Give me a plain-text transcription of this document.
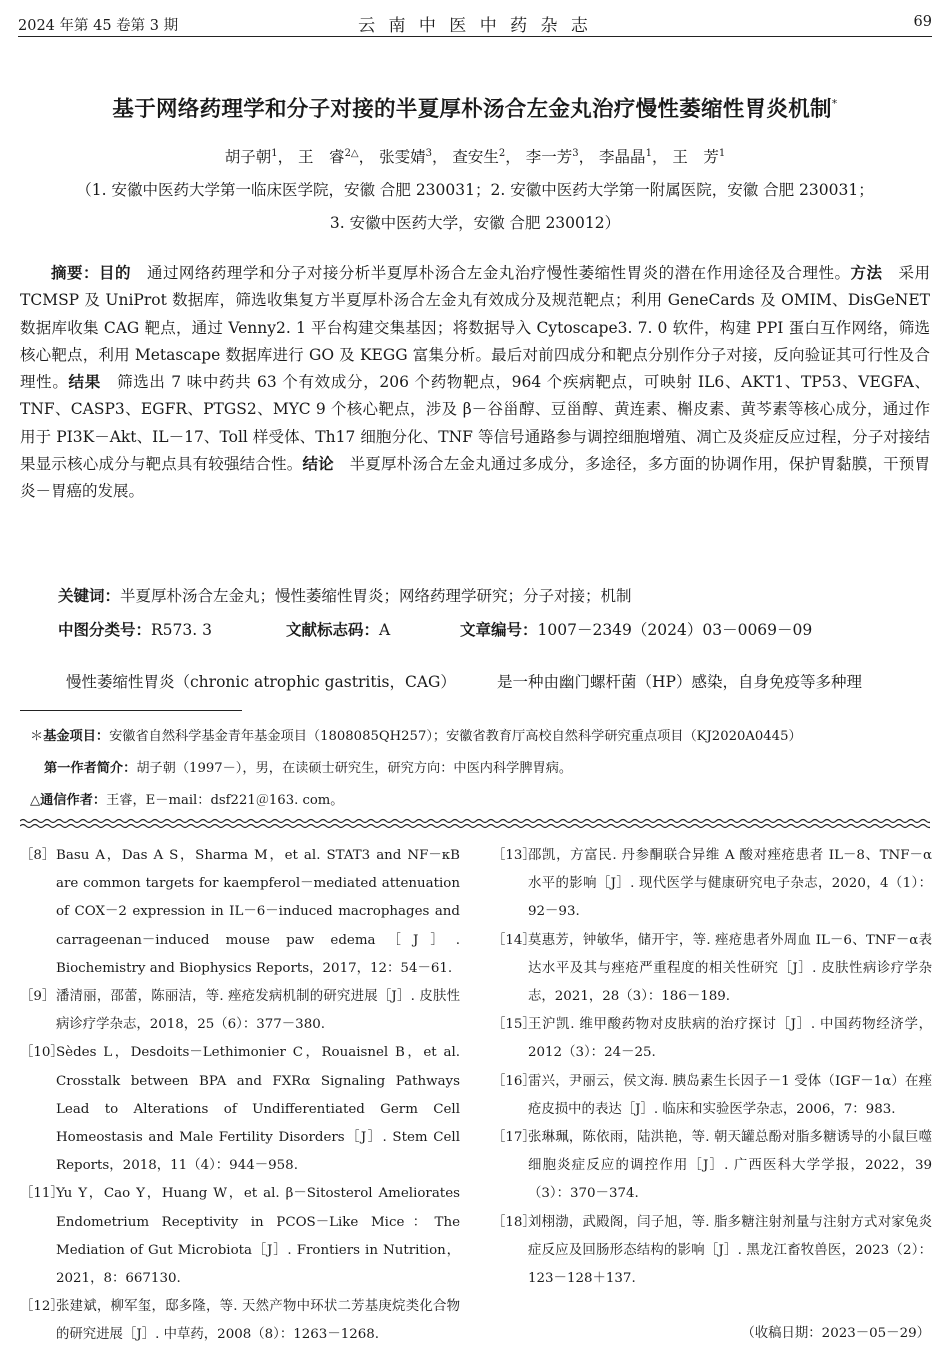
2024 年第 45 卷第 3 期	云 南 中 医 中 药 杂 志	69
基于网络药理学和分子对接的半夏厚朴汤合左金丸治疗慢性萎缩性胃炎机制*
胡子朝$^1$， 王　睿$^{2\triangle}$， 张雯婧$^3$， 查安生$^2$， 李一芳$^3$， 李晶晶$^1$， 王　芳$^1$
（1. 安徽中医药大学第一临床医学院，安徽 合肥 230031；2. 安徽中医药大学第一附属医院，安徽 合肥 230031；
3. 安徽中医药大学，安徽 合肥 230012）
摘要：目的　 通过网络药理学和分子对接分析半夏厚朴汤合左金丸治疗慢性萎缩性胃炎的潜在作用途径及合理性。方法　 采用 TCMSP 及 UniProt 数据库，筛选收集复方半夏厚朴汤合左金丸有效成分及规范靶点；利用 GeneCards 及 OMIM、DisGeNET 数据库收集 CAG 靶点，通过 Venny2. 1 平台构建交集基因；将数据导入 Cytoscape3. 7. 0 软件，构建 PPI 蛋白互作网络，筛选核心靶点，利用 Metascape 数据库进行 GO 及 KEGG 富集分析。最后对前四成分和靶点分别作分子对接，反向验证其可行性及合理性。结果　 筛选出 7 味中药共 63 个有效成分，206 个药物靶点，964 个疾病靶点，可映射 IL6、AKT1、TP53、VEGFA、TNF、CASP3、EGFR、PTGS2、MYC 9 个核心靶点，涉及 β－谷甾醇、豆甾醇、黄连素、槲皮素、黄芩素等核心成分，通过作用于 PI3K－Akt、IL－17、Toll 样受体、Th17 细胞分化、TNF 等信号通路参与调控细胞增殖、凋亡及炎症反应过程，分子对接结果显示核心成分与靶点具有较强结合性。结论　 半夏厚朴汤合左金丸通过多成分，多途径，多方面的协调作用，保护胃黏膜，干预胃炎－胃癌的发展。
关键词：半夏厚朴汤合左金丸；慢性萎缩性胃炎；网络药理学研究；分子对接；机制
中图分类号：R573. 3	文献标志码：A	文章编号：1007－2349（2024）03－0069－09
慢性萎缩性胃炎（chronic atrophic gastritis，CAG）	是一种由幽门螺杆菌（HP）感染，自身免疫等多种理
＊基金项目：安徽省自然科学基金青年基金项目（1808085QH257）；安徽省教育厅高校自然科学研究重点项目（KJ2020A0445）
第一作者简介：胡子朝（1997－），男，在读硕士研究生，研究方向：中医内科学脾胃病。
△通信作者：王睿，E－mail：dsf221＠163. com。
［8］ Basu A，Das A S，Sharma M，et al. STAT3 and NF－κB are common targets for kaempferol－mediated attenuation of COX－2 expression in IL－6－induced macrophages and carrageenan－induced mouse paw edema［J］. Biochemistry and Biophysics Reports，2017，12：54－61.
［9］ 潘清丽，邵蕾，陈丽洁，等. 痤疮发病机制的研究进展［J］. 皮肤性病诊疗学杂志，2018，25（6）：377－380.
［10］
Sèdes L，Desdoits－Lethimonier C，Rouaisnel B，et al. Crosstalk between BPA and FXRα Signaling Pathways Lead to Alterations of Undifferentiated Germ Cell Homeostasis and Male Fertility Disorders［J］. Stem Cell Reports，2018，11（4）：944－958.
［11］
Yu Y，Cao Y，Huang W，et al. β－Sitosterol Ameliorates Endometrium Receptivity in PCOS－Like Mice：The Mediation of Gut Microbiota［J］. Frontiers in Nutrition，2021，8：667130.
［12］
张建斌，柳军玺，邸多隆，等. 天然产物中环状二芳基庚烷类化合物的研究进展［J］. 中草药，2008（8）：1263－1268.
［13］
邵凯，方富民. 丹参酮联合异维 A 酸对痤疮患者 IL－8、TNF－α 水平的影响［J］. 现代医学与健康研究电子杂志，2020，4（1）：92－93.
［14］
莫惠芳，钟敏华，储开宇，等. 痤疮患者外周血 IL－6、TNF－α表达水平及其与痤疮严重程度的相关性研究［J］. 皮肤性病诊疗学杂志，2021，28（3）：186－189.
［15］
王沪凯. 维甲酸药物对皮肤病的治疗探讨［J］. 中国药物经济学，2012（3）：24－25.
［16］
雷兴，尹丽云，侯文海. 胰岛素生长因子－1 受体（IGF－1α）在痤疮皮损中的表达［J］. 临床和实验医学杂志，2006，7：983.
［17］
张琳珮，陈依雨，陆洪艳，等. 朝天罐总酚对脂多糖诱导的小鼠巨噬细胞炎症反应的调控作用［J］. 广西医科大学学报，2022，39（3）：370－374.
［18］
刘栩渤，武殿阁，闫子旭，等. 脂多糖注射剂量与注射方式对家兔炎症反应及回肠形态结构的影响［J］. 黑龙江畜牧兽医，2023（2）：123－128＋137.
（收稿日期：2023－05－29）
